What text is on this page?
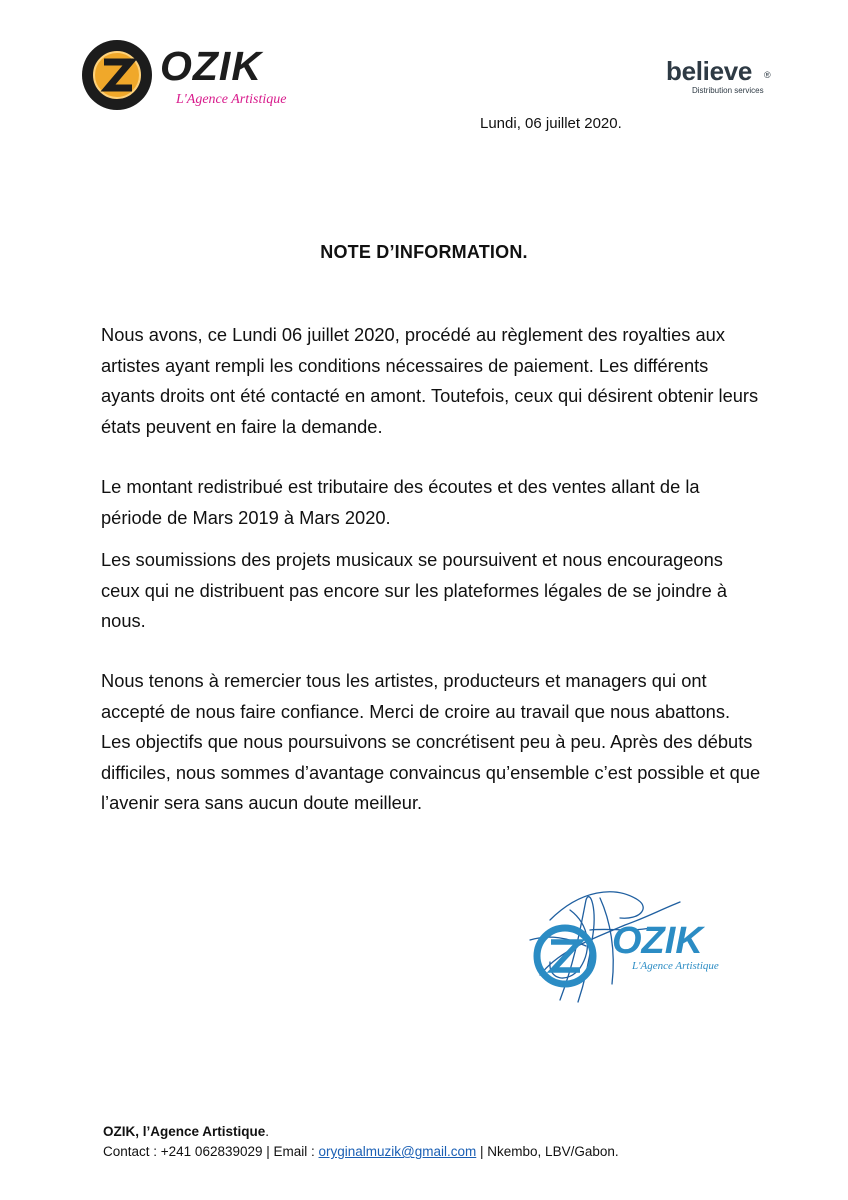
OZIK
L'Agence Artistique
believe ®
Distribution services
Lundi, 06 juillet 2020.
NOTE D’INFORMATION.

Nous avons, ce Lundi 06 juillet 2020, procédé au règlement des royalties aux artistes ayant rempli les conditions nécessaires de paiement. Les différents ayants droits ont été contacté en amont. Toutefois, ceux qui désirent obtenir leurs états peuvent en faire la demande.

Le montant redistribué est tributaire des écoutes et des ventes allant de la période de Mars 2019 à Mars 2020.

Les soumissions des projets musicaux se poursuivent et nous encourageons ceux qui ne distribuent pas encore sur les plateformes légales de se joindre à nous.

Nous tenons à remercier tous les artistes, producteurs et managers qui ont accepté de nous faire confiance. Merci de croire au travail que nous abattons. Les objectifs que nous poursuivons se concrétisent peu à peu. Après des débuts difficiles, nous sommes d’avantage convaincus qu’ensemble c’est possible et que l’avenir sera sans aucun doute meilleur.

OZIK
L'Agence Artistique
OZIK, l’Agence Artistique.
Contact : +241 062839029 | Email : oryginalmuzik@gmail.com | Nkembo, LBV/Gabon.
